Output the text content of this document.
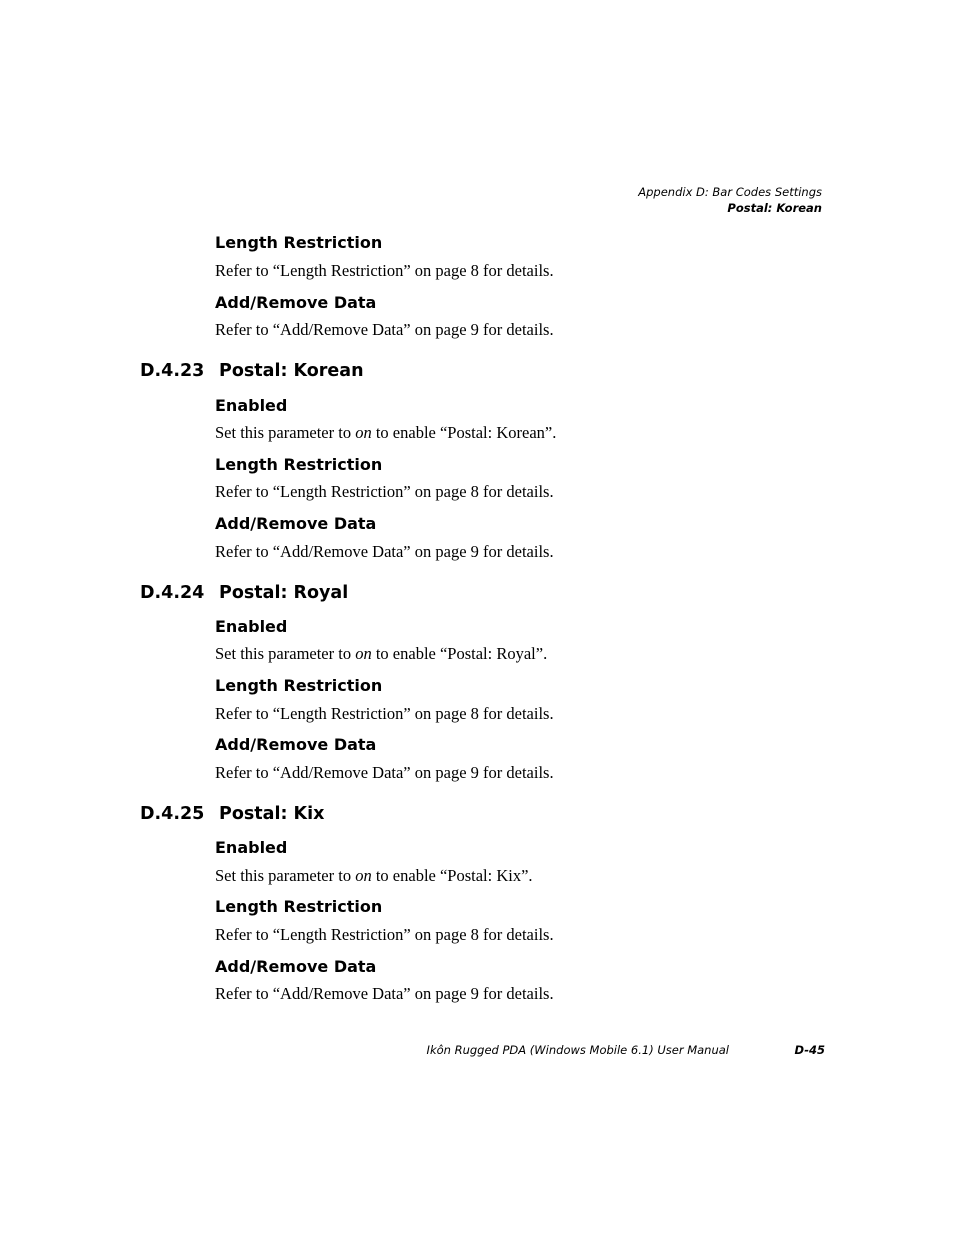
Appendix D: Bar Codes Settings
Postal: Korean
Length Restriction
Refer to “Length Restriction” on page 8 for details.
Add/Remove Data
Refer to “Add/Remove Data” on page 9 for details.
D.4.23 Postal: Korean
Enabled
Set this parameter to on to enable “Postal: Korean”.
Length Restriction
Refer to “Length Restriction” on page 8 for details.
Add/Remove Data
Refer to “Add/Remove Data” on page 9 for details.
D.4.24 Postal: Royal
Enabled
Set this parameter to on to enable “Postal: Royal”.
Length Restriction
Refer to “Length Restriction” on page 8 for details.
Add/Remove Data
Refer to “Add/Remove Data” on page 9 for details.
D.4.25 Postal: Kix
Enabled
Set this parameter to on to enable “Postal: Kix”.
Length Restriction
Refer to “Length Restriction” on page 8 for details.
Add/Remove Data
Refer to “Add/Remove Data” on page 9 for details.
Ikôn Rugged PDA (Windows Mobile 6.1) User Manual	D-45
